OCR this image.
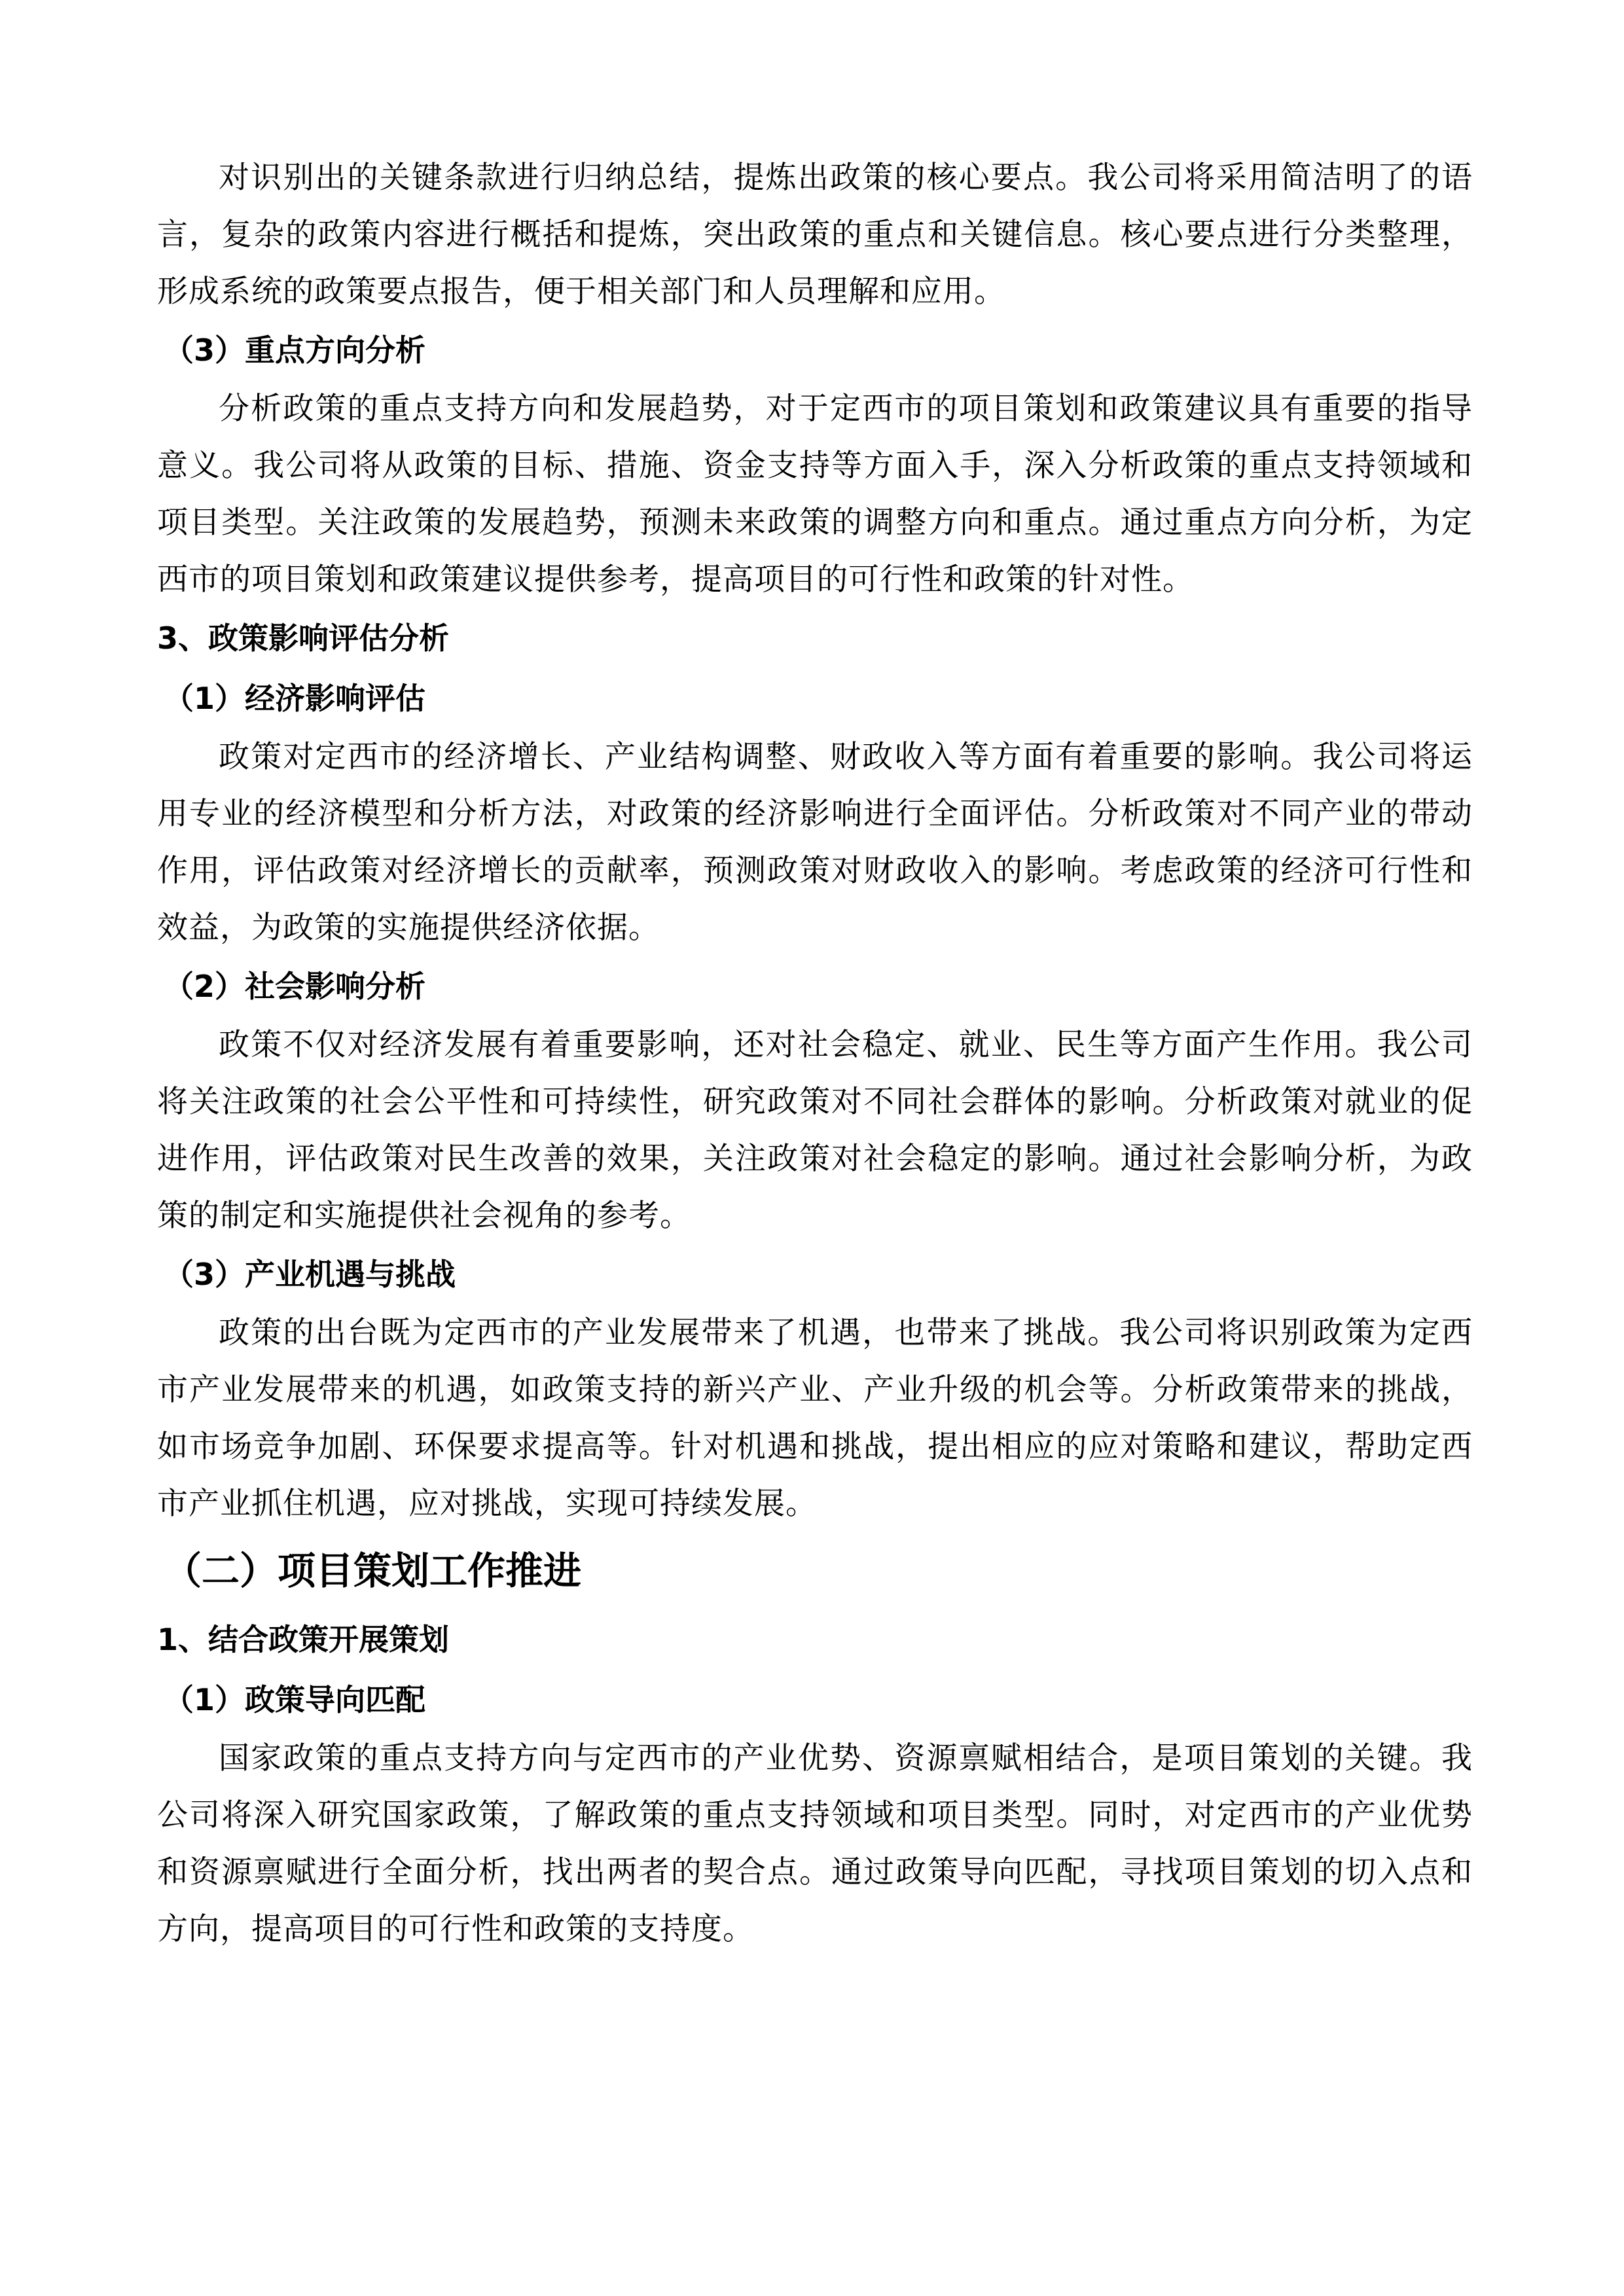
对识别出的关键条款进行归纳总结，提炼出政策的核心要点。我公司将采用简洁明了的语言，复杂的政策内容进行概括和提炼，突出政策的重点和关键信息。核心要点进行分类整理，形成系统的政策要点报告，便于相关部门和人员理解和应用。

（3）重点方向分析

分析政策的重点支持方向和发展趋势，对于定西市的项目策划和政策建议具有重要的指导意义。我公司将从政策的目标、措施、资金支持等方面入手，深入分析政策的重点支持领域和项目类型。关注政策的发展趋势，预测未来政策的调整方向和重点。通过重点方向分析，为定西市的项目策划和政策建议提供参考，提高项目的可行性和政策的针对性。

3、政策影响评估分析
（1）经济影响评估

政策对定西市的经济增长、产业结构调整、财政收入等方面有着重要的影响。我公司将运用专业的经济模型和分析方法，对政策的经济影响进行全面评估。分析政策对不同产业的带动作用，评估政策对经济增长的贡献率，预测政策对财政收入的影响。考虑政策的经济可行性和效益，为政策的实施提供经济依据。

（2）社会影响分析

政策不仅对经济发展有着重要影响，还对社会稳定、就业、民生等方面产生作用。我公司将关注政策的社会公平性和可持续性，研究政策对不同社会群体的影响。分析政策对就业的促进作用，评估政策对民生改善的效果，关注政策对社会稳定的影响。通过社会影响分析，为政策的制定和实施提供社会视角的参考。

（3）产业机遇与挑战

政策的出台既为定西市的产业发展带来了机遇，也带来了挑战。我公司将识别政策为定西市产业发展带来的机遇，如政策支持的新兴产业、产业升级的机会等。分析政策带来的挑战，如市场竞争加剧、环保要求提高等。针对机遇和挑战，提出相应的应对策略和建议，帮助定西市产业抓住机遇，应对挑战，实现可持续发展。

（二）项目策划工作推进
1、结合政策开展策划
（1）政策导向匹配

国家政策的重点支持方向与定西市的产业优势、资源禀赋相结合，是项目策划的关键。我公司将深入研究国家政策，了解政策的重点支持领域和项目类型。同时，对定西市的产业优势和资源禀赋进行全面分析，找出两者的契合点。通过政策导向匹配，寻找项目策划的切入点和方向，提高项目的可行性和政策的支持度。
